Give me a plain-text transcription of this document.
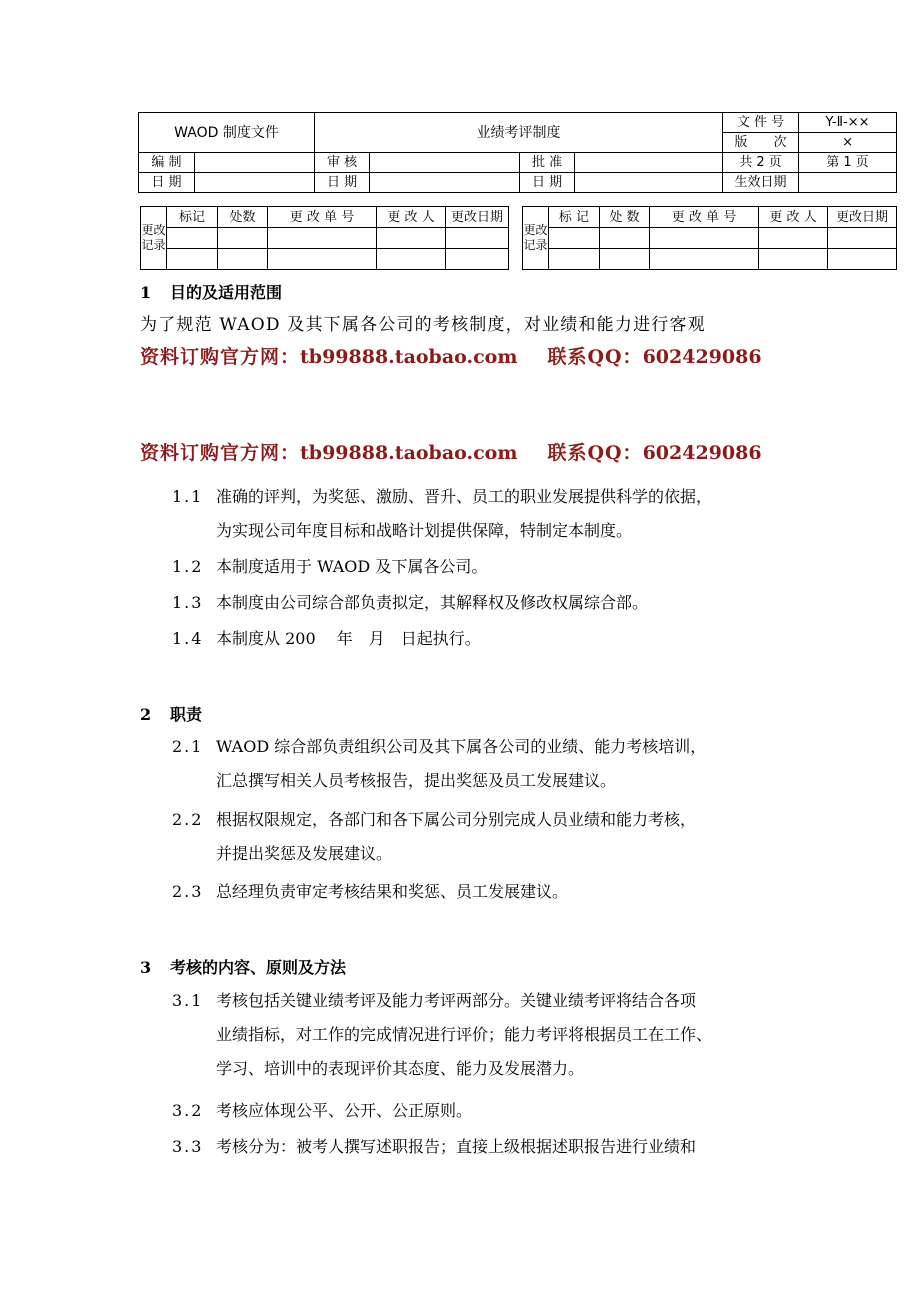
WAOD 制度文件		业绩考评制度				文 件 号	Y-Ⅱ-××
						版　　次	×
编 制		审 核		批 准		共 2 页	第 1 页
日 期		日 期		日 期		生效日期	
更改记录	标记	处数	更 改 单 号	更 改 人	更改日期

更改记录	标 记	处 数	更 改 单 号	更 改 人	更改日期

1 目的及适用范围
为了规范 WAOD 及其下属各公司的考核制度，对业绩和能力进行客观
资料订购官方网：tb99888.taobao.com 联系QQ：602429086
资料订购官方网：tb99888.taobao.com 联系QQ：602429086
1.1 准确的评判，为奖惩、激励、晋升、员工的职业发展提供科学的依据，
为实现公司年度目标和战略计划提供保障，特制定本制度。
1.2 本制度适用于 WAOD 及下属各公司。
1.3 本制度由公司综合部负责拟定，其解释权及修改权属综合部。
1.4 本制度从 200　 年　月　日起执行。
2 职责
2.1 WAOD 综合部负责组织公司及其下属各公司的业绩、能力考核培训，
汇总撰写相关人员考核报告，提出奖惩及员工发展建议。
2.2 根据权限规定，各部门和各下属公司分别完成人员业绩和能力考核，
并提出奖惩及发展建议。
2.3 总经理负责审定考核结果和奖惩、员工发展建议。
3 考核的内容、原则及方法
3.1 考核包括关键业绩考评及能力考评两部分。关键业绩考评将结合各项
业绩指标，对工作的完成情况进行评价；能力考评将根据员工在工作、
学习、培训中的表现评价其态度、能力及发展潜力。
3.2 考核应体现公平、公开、公正原则。
3.3 考核分为：被考人撰写述职报告；直接上级根据述职报告进行业绩和
